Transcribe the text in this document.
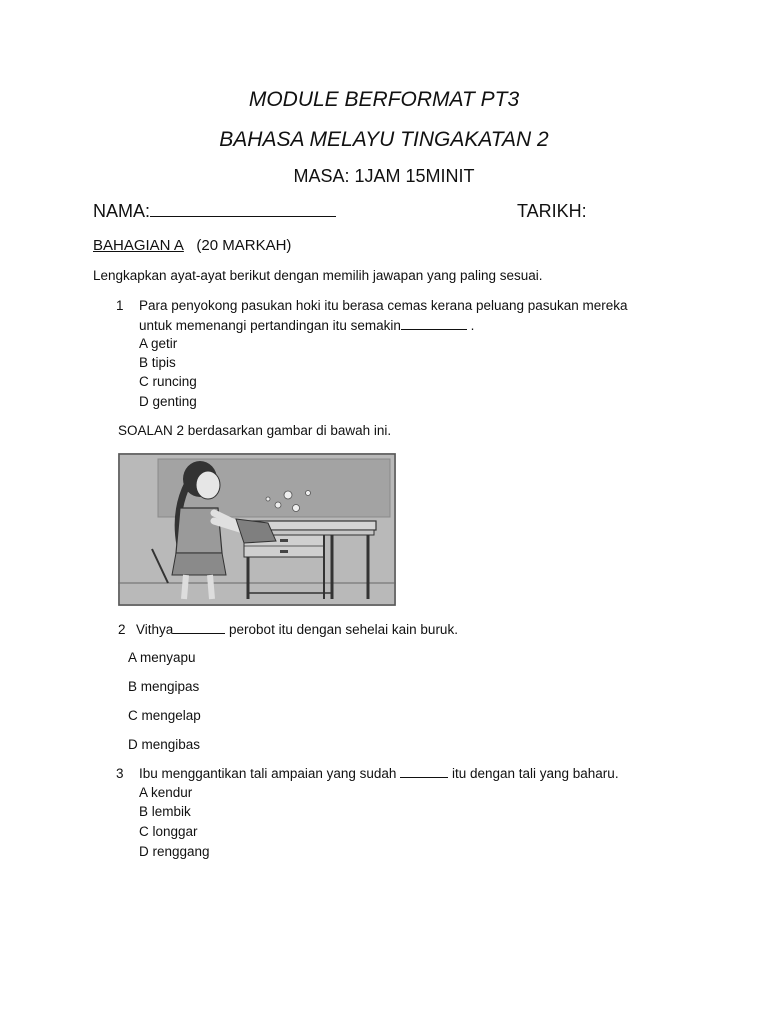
MODULE BERFORMAT PT3
BAHASA MELAYU TINGAKATAN 2
MASA: 1JAM 15MINIT
NAMA:	TARIKH:
BAHAGIAN A (20 MARKAH)
Lengkapkan ayat-ayat berikut dengan memilih jawapan yang paling sesuai.
1 Para penyokong pasukan hoki itu berasa cemas kerana peluang pasukan mereka
untuk memenangi pertandingan itu semakin	.
A getir
B tipis
C runcing
D genting
SOALAN 2 berdasarkan gambar di bawah ini.
2 Vithya	perobot itu dengan sehelai kain buruk.
A menyapu
B mengipas
C mengelap
D mengibas
3 Ibu menggantikan tali ampaian yang sudah	itu dengan tali yang baharu.
A kendur
B lembik
C longgar
D renggang
